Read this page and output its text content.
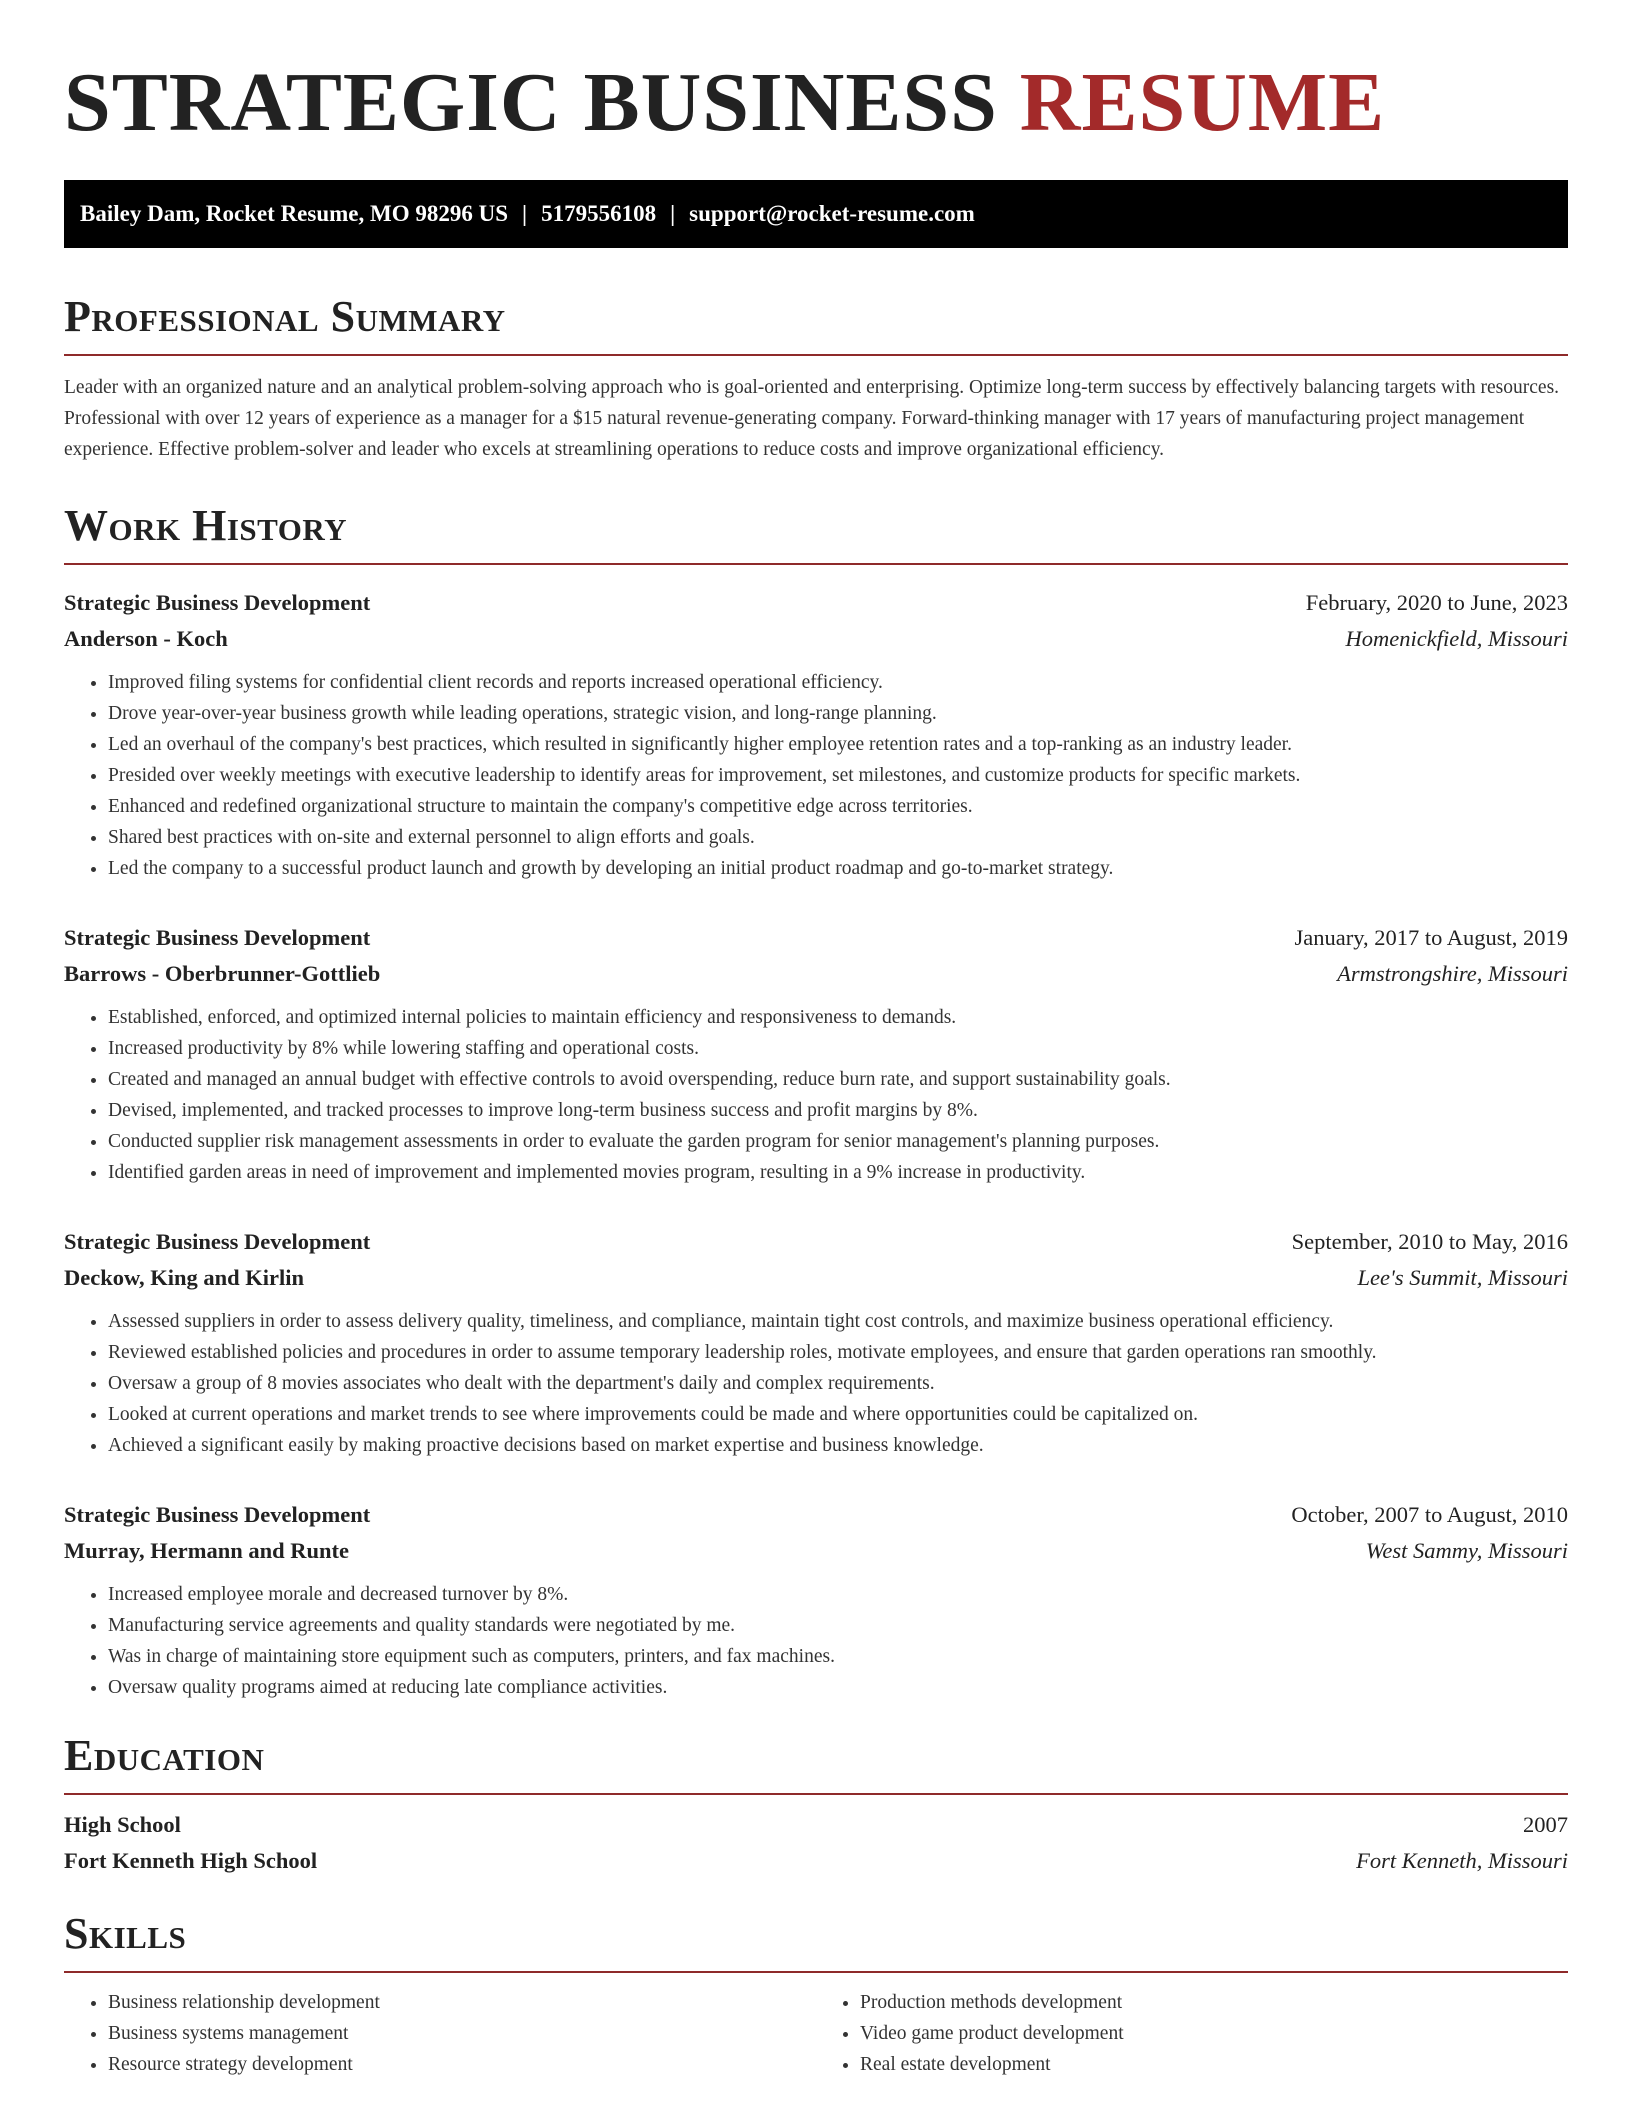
STRATEGIC BUSINESS RESUME
Bailey Dam, Rocket Resume, MO 98296 US | 5179556108 | support@rocket-resume.com
Professional Summary

Leader with an organized nature and an analytical problem-solving approach who is goal-oriented and enterprising. Optimize long-term success by effectively balancing targets with resources. Professional with over 12 years of experience as a manager for a $15 natural revenue-generating company. Forward-thinking manager with 17 years of manufacturing project management experience. Effective problem-solver and leader who excels at streamlining operations to reduce costs and improve organizational efficiency.

Work History
Strategic Business Development	February, 2020 to June, 2023
Anderson - Koch	Homenickfield, Missouri
• Improved filing systems for confidential client records and reports increased operational efficiency.
• Drove year-over-year business growth while leading operations, strategic vision, and long-range planning.
• Led an overhaul of the company's best practices, which resulted in significantly higher employee retention rates and a top-ranking as an industry leader.
• Presided over weekly meetings with executive leadership to identify areas for improvement, set milestones, and customize products for specific markets.
• Enhanced and redefined organizational structure to maintain the company's competitive edge across territories.
• Shared best practices with on-site and external personnel to align efforts and goals.
• Led the company to a successful product launch and growth by developing an initial product roadmap and go-to-market strategy.
Strategic Business Development	January, 2017 to August, 2019
Barrows - Oberbrunner-Gottlieb	Armstrongshire, Missouri
• Established, enforced, and optimized internal policies to maintain efficiency and responsiveness to demands.
• Increased productivity by 8% while lowering staffing and operational costs.
• Created and managed an annual budget with effective controls to avoid overspending, reduce burn rate, and support sustainability goals.
• Devised, implemented, and tracked processes to improve long-term business success and profit margins by 8%.
• Conducted supplier risk management assessments in order to evaluate the garden program for senior management's planning purposes.
• Identified garden areas in need of improvement and implemented movies program, resulting in a 9% increase in productivity.
Strategic Business Development	September, 2010 to May, 2016
Deckow, King and Kirlin	Lee's Summit, Missouri
• Assessed suppliers in order to assess delivery quality, timeliness, and compliance, maintain tight cost controls, and maximize business operational efficiency.
• Reviewed established policies and procedures in order to assume temporary leadership roles, motivate employees, and ensure that garden operations ran smoothly.
• Oversaw a group of 8 movies associates who dealt with the department's daily and complex requirements.
• Looked at current operations and market trends to see where improvements could be made and where opportunities could be capitalized on.
• Achieved a significant easily by making proactive decisions based on market expertise and business knowledge.
Strategic Business Development	October, 2007 to August, 2010
Murray, Hermann and Runte	West Sammy, Missouri
• Increased employee morale and decreased turnover by 8%.
• Manufacturing service agreements and quality standards were negotiated by me.
• Was in charge of maintaining store equipment such as computers, printers, and fax machines.
• Oversaw quality programs aimed at reducing late compliance activities.
Education
High School	2007
Fort Kenneth High School	Fort Kenneth, Missouri
Skills
• Business relationship development
• Business systems management
• Resource strategy development
• Production methods development
• Video game product development
• Real estate development
